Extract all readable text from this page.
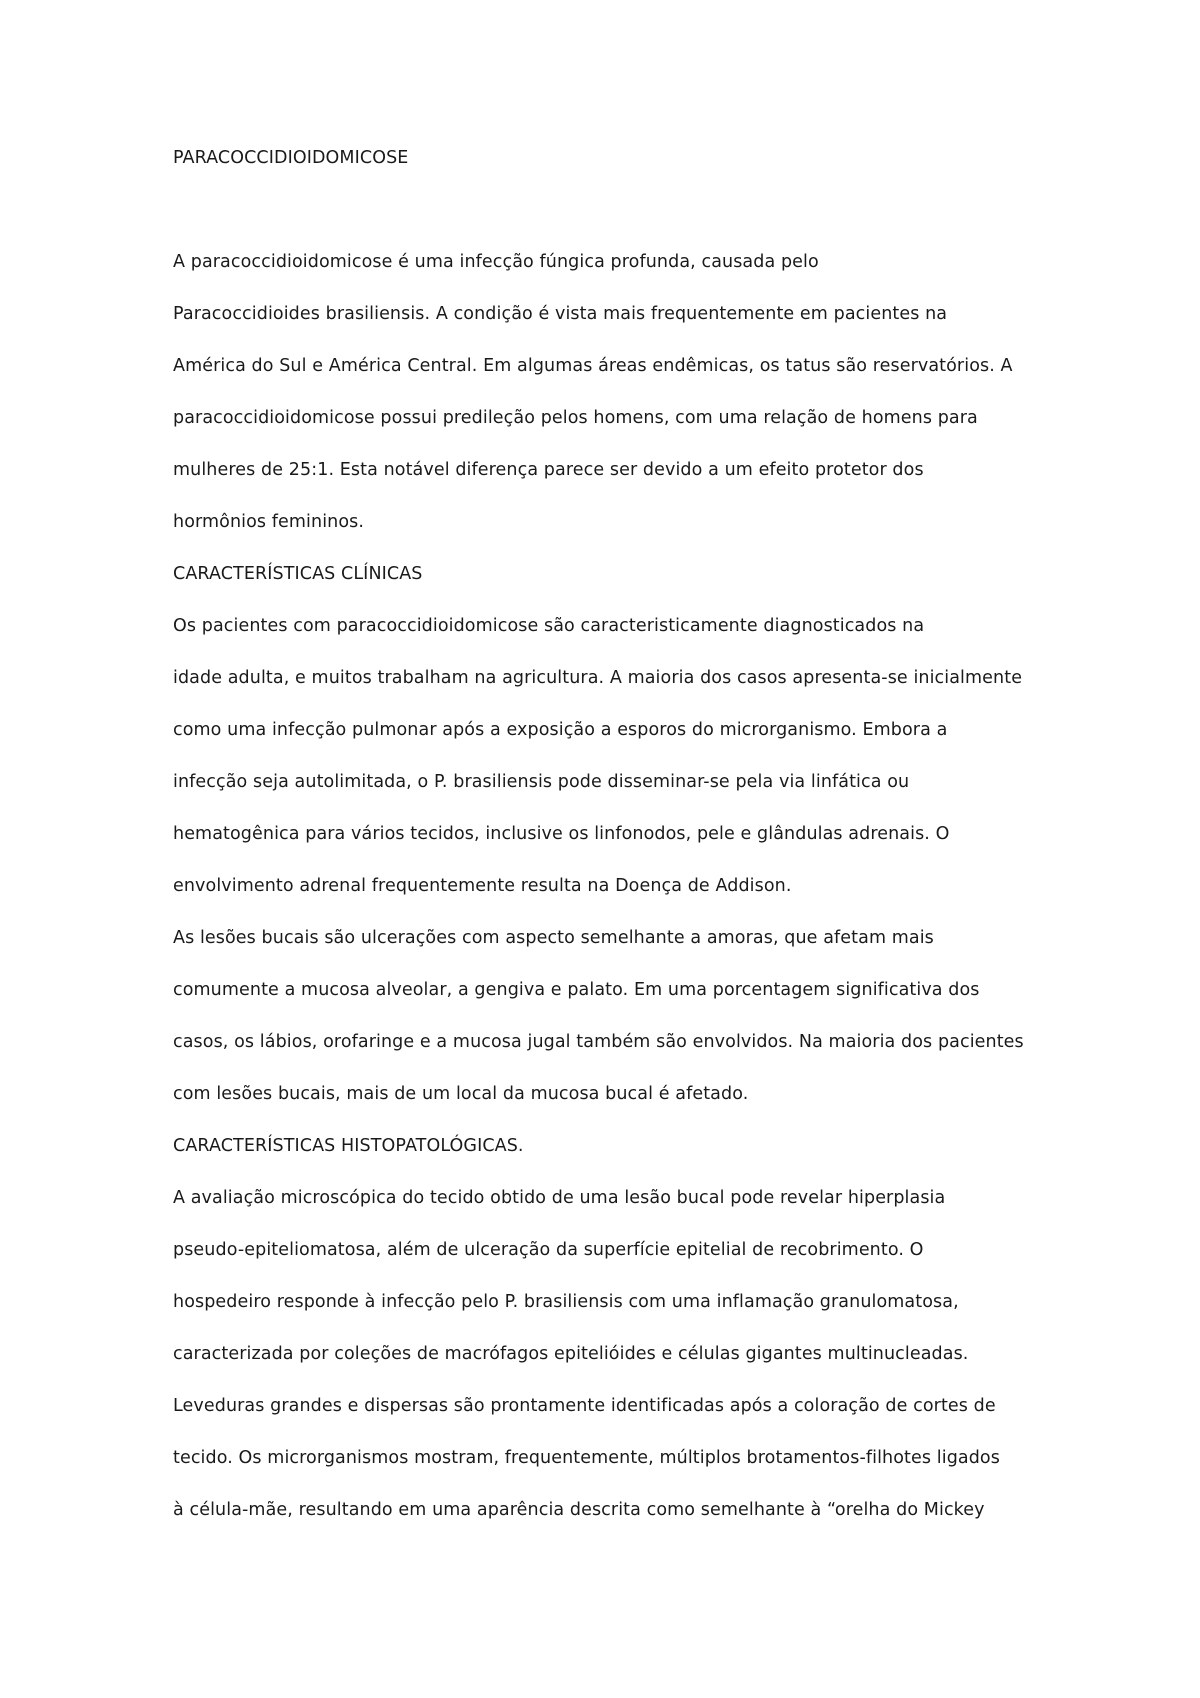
PARACOCCIDIOIDOMICOSE

A paracoccidioidomicose é uma infecção fúngica profunda, causada pelo

Paracoccidioides brasiliensis. A condição é vista mais frequentemente em pacientes na

América do Sul e América Central. Em algumas áreas endêmicas, os tatus são reservatórios. A

paracoccidioidomicose possui predileção pelos homens, com uma relação de homens para

mulheres de 25:1. Esta notável diferença parece ser devido a um efeito protetor dos

hormônios femininos.

CARACTERÍSTICAS CLÍNICAS

Os pacientes com paracoccidioidomicose são caracteristicamente diagnosticados na

idade adulta, e muitos trabalham na agricultura. A maioria dos casos apresenta-se inicialmente

como uma infecção pulmonar após a exposição a esporos do microrganismo. Embora a

infecção seja autolimitada, o P. brasiliensis pode disseminar-se pela via linfática ou

hematogênica para vários tecidos, inclusive os linfonodos, pele e glândulas adrenais. O

envolvimento adrenal frequentemente resulta na Doença de Addison.

As lesões bucais são ulcerações com aspecto semelhante a amoras, que afetam mais

comumente a mucosa alveolar, a gengiva e palato. Em uma porcentagem significativa dos

casos, os lábios, orofaringe e a mucosa jugal também são envolvidos. Na maioria dos pacientes

com lesões bucais, mais de um local da mucosa bucal é afetado.

CARACTERÍSTICAS HISTOPATOLÓGICAS.

A avaliação microscópica do tecido obtido de uma lesão bucal pode revelar hiperplasia

pseudo-epiteliomatosa, além de ulceração da superfície epitelial de recobrimento. O

hospedeiro responde à infecção pelo P. brasiliensis com uma inflamação granulomatosa,

caracterizada por coleções de macrófagos epitelióides e células gigantes multinucleadas.

Leveduras grandes e dispersas são prontamente identificadas após a coloração de cortes de

tecido. Os microrganismos mostram, frequentemente, múltiplos brotamentos-filhotes ligados

à célula-mãe, resultando em uma aparência descrita como semelhante à “orelha do Mickey
